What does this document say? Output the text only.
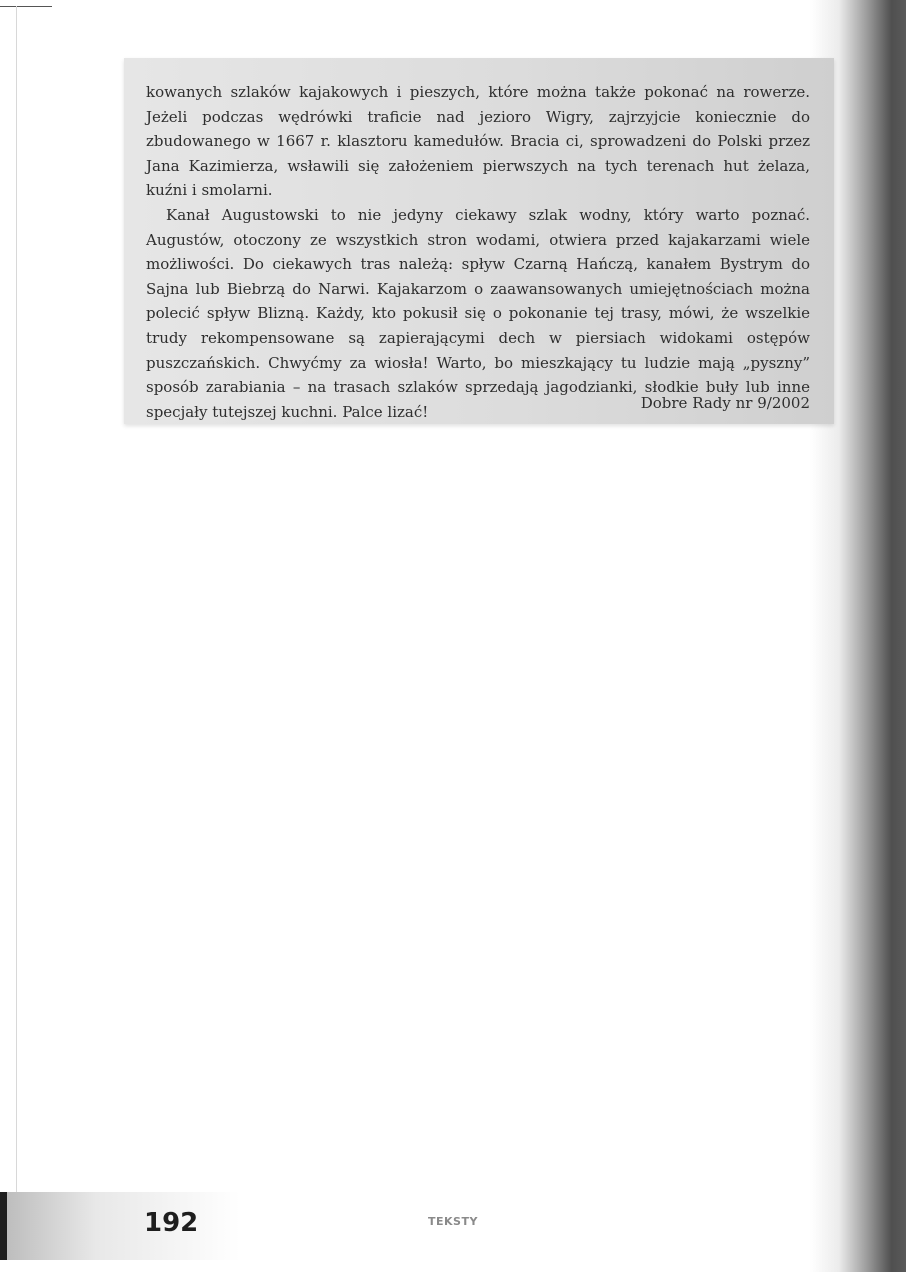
kowanych szlaków kajakowych i pieszych, które można także pokonać na rowerze. Jeżeli podczas wędrówki traficie nad jezioro Wigry, zajrzyjcie koniecznie do zbudowanego w 1667 r. klasztoru kamedułów. Bracia ci, sprowadzeni do Polski przez Jana Kazimierza, wsławili się założeniem pierwszych na tych terenach hut żelaza, kuźni i smolarni.

Kanał Augustowski to nie jedyny ciekawy szlak wodny, który warto poznać. Augustów, otoczony ze wszystkich stron wodami, otwiera przed kajakarzami wiele możliwości. Do ciekawych tras należą: spływ Czarną Hańczą, kanałem Bystrym do Sajna lub Biebrzą do Narwi. Kajakarzom o zaawansowanych umiejętnościach można polecić spływ Blizną. Każdy, kto pokusił się o pokonanie tej trasy, mówi, że wszelkie trudy rekompensowane są zapierającymi dech w piersiach widokami ostępów puszczańskich. Chwyćmy za wiosła! Warto, bo mieszkający tu ludzie mają „pyszny” sposób zarabiania – na trasach szlaków sprzedają jagodzianki, słodkie buły lub inne specjały tutejszej kuchni. Palce lizać!	Dobre Rady nr 9/2002
192	TEKSTY
